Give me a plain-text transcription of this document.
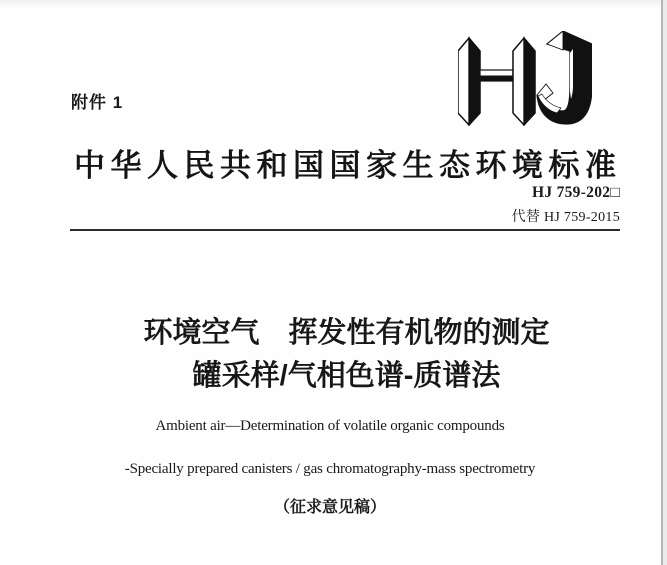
附件 1
中华人民共和国国家生态环境标准
HJ 759-202□
代替 HJ 759-2015
环境空气　挥发性有机物的测定
罐采样/气相色谱-质谱法
Ambient air—Determination of volatile organic compounds
-Specially prepared canisters / gas chromatography-mass spectrometry
（征求意见稿）
